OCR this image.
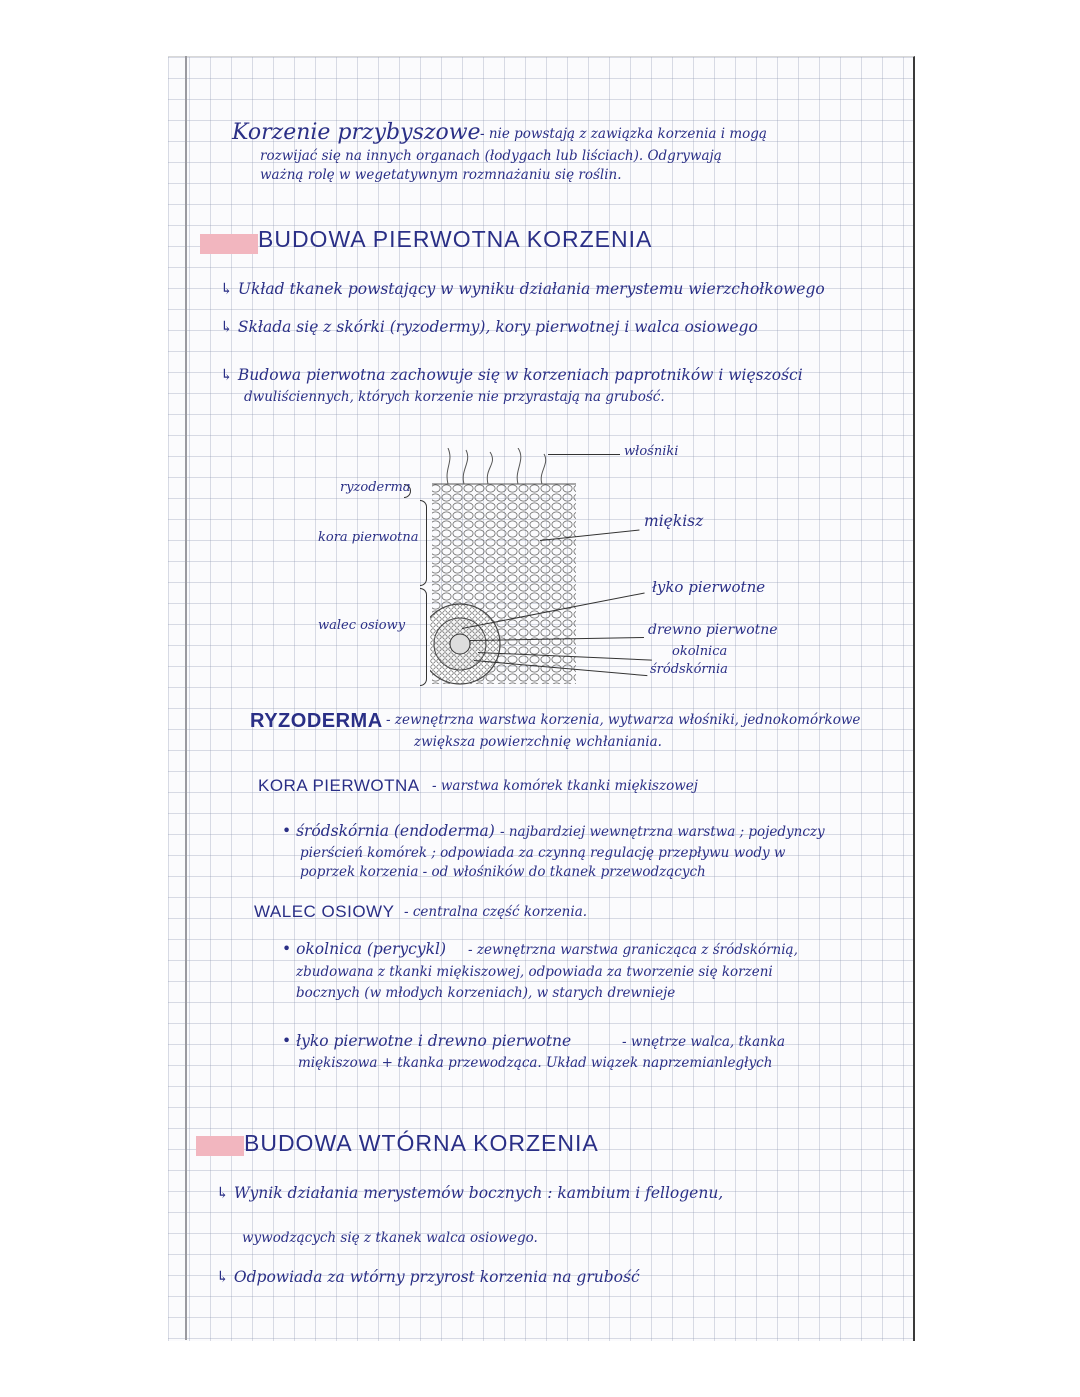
Korzenie przybyszowe - nie powstają z zawiązka korzenia i mogą
rozwijać się na innych organach (łodygach lub liściach). Odgrywają
ważną rolę w wegetatywnym rozmnażaniu się roślin.
BUDOWA PIERWOTNA KORZENIA
↳ Układ tkanek powstający w wyniku działania merystemu wierzchołkowego
↳ Składa się z skórki (ryzodermy), kory pierwotnej i walca osiowego
↳ Budowa pierwotna zachowuje się w korzeniach paprotników i więszości
dwuliściennych, których korzenie nie przyrastają na grubość.
ryzoderma
kora pierwotna
walec osiowy
włośniki
miękisz
łyko pierwotne
drewno pierwotne
okolnica
śródskórnia
RYZODERMA - zewnętrzna warstwa korzenia, wytwarza włośniki, jednokomórkowe
zwiększa powierzchnię wchłaniania.
KORA PIERWOTNA - warstwa komórek tkanki miękiszowej
• śródskórnia (endoderma) - najbardziej wewnętrzna warstwa ; pojedynczy
pierścień komórek ; odpowiada za czynną regulację przepływu wody w
poprzek korzenia - od włośników do tkanek przewodzących
WALEC OSIOWY - centralna część korzenia.
• okolnica (perycykl) - zewnętrzna warstwa granicząca z śródskórnią,
zbudowana z tkanki miękiszowej, odpowiada za tworzenie się korzeni
bocznych (w młodych korzeniach), w starych drewnieje
• łyko pierwotne i drewno pierwotne	- wnętrze walca, tkanka
miękiszowa + tkanka przewodząca. Układ wiązek naprzemianległych
BUDOWA WTÓRNA KORZENIA
↳ Wynik działania merystemów bocznych : kambium i fellogenu,
wywodzących się z tkanek walca osiowego.
↳ Odpowiada za wtórny przyrost korzenia na grubość
